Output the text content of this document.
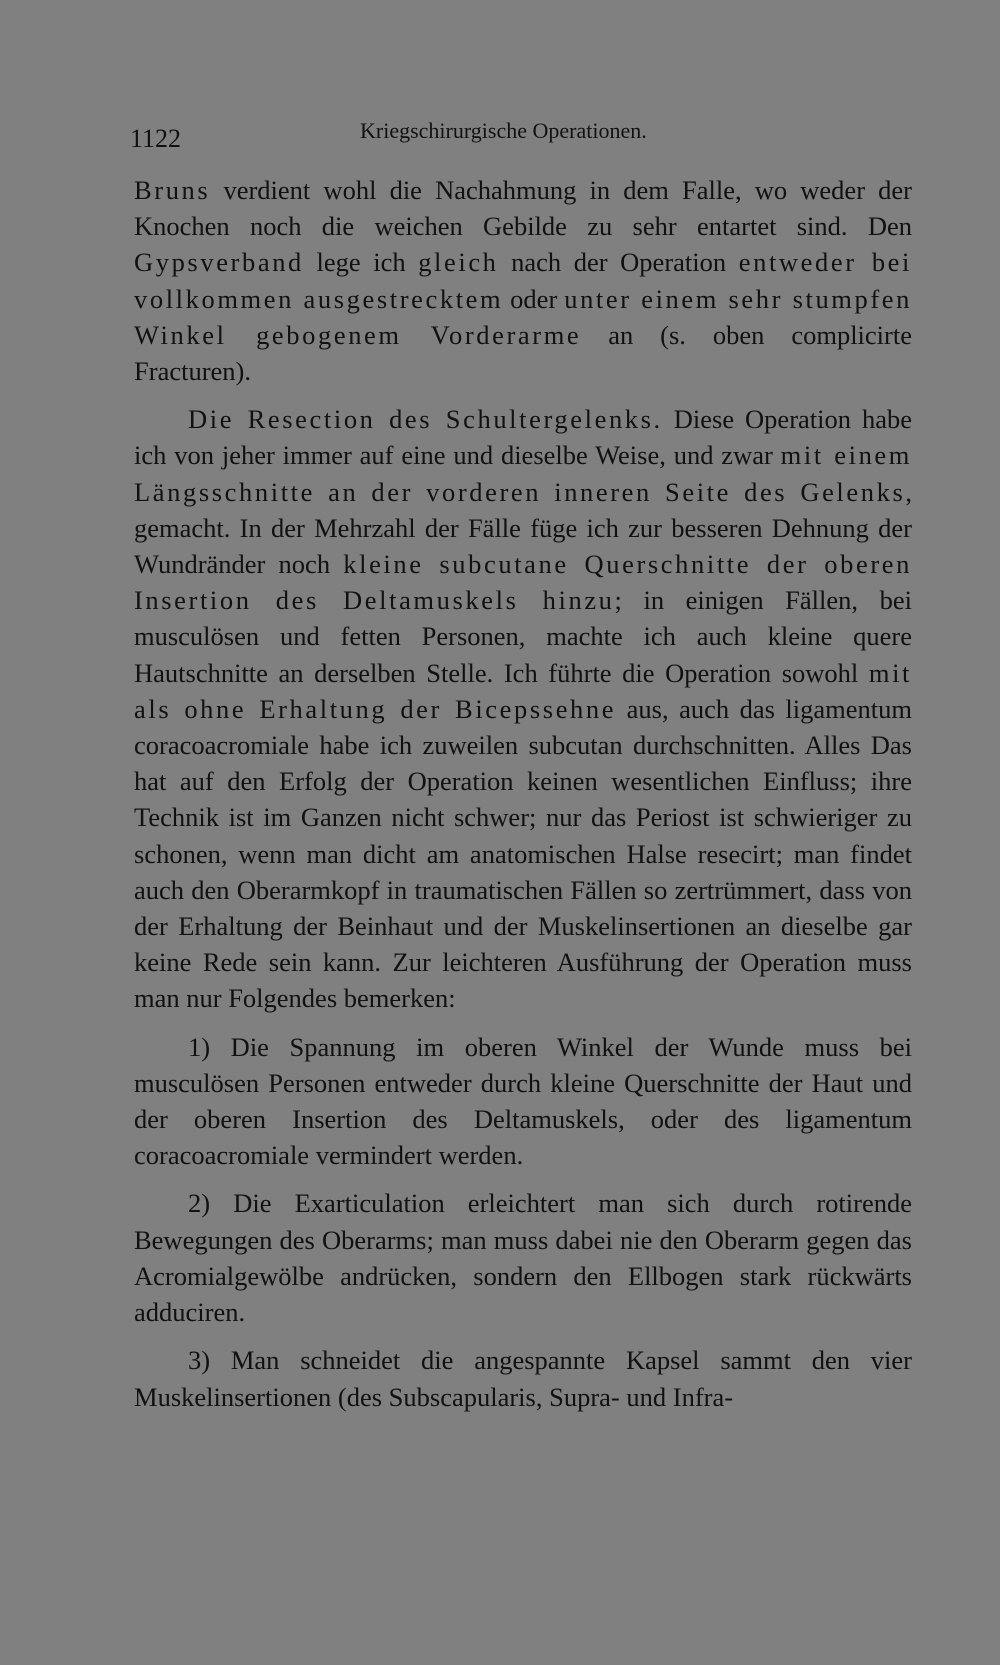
1122	Kriegschirurgische Operationen.

Bruns verdient wohl die Nachahmung in dem Falle, wo weder der Knochen noch die weichen Gebilde zu sehr entartet sind. Den Gypsverband lege ich gleich nach der Operation entweder bei vollkommen ausgestrecktem oder unter einem sehr stumpfen Winkel gebogenem Vorderarme an (s. oben complicirte Fracturen).

Die Resection des Schultergelenks. Diese Operation habe ich von jeher immer auf eine und dieselbe Weise, und zwar mit einem Längsschnitte an der vorderen inneren Seite des Gelenks, gemacht. In der Mehrzahl der Fälle füge ich zur besseren Dehnung der Wundränder noch kleine subcutane Querschnitte der oberen Insertion des Deltamuskels hinzu; in einigen Fällen, bei musculösen und fetten Personen, machte ich auch kleine quere Hautschnitte an derselben Stelle. Ich führte die Operation sowohl mit als ohne Erhaltung der Bicepssehne aus, auch das ligamentum coracoacromiale habe ich zuweilen subcutan durchschnitten. Alles Das hat auf den Erfolg der Operation keinen wesentlichen Einfluss; ihre Technik ist im Ganzen nicht schwer; nur das Periost ist schwieriger zu schonen, wenn man dicht am anatomischen Halse resecirt; man findet auch den Oberarmkopf in traumatischen Fällen so zertrümmert, dass von der Erhaltung der Beinhaut und der Muskelinsertionen an dieselbe gar keine Rede sein kann. Zur leichteren Ausführung der Operation muss man nur Folgendes bemerken:

1) Die Spannung im oberen Winkel der Wunde muss bei musculösen Personen entweder durch kleine Querschnitte der Haut und der oberen Insertion des Deltamuskels, oder des ligamentum coracoacromiale vermindert werden.

2) Die Exarticulation erleichtert man sich durch rotirende Bewegungen des Oberarms; man muss dabei nie den Oberarm gegen das Acromialgewölbe andrücken, sondern den Ellbogen stark rückwärts adduciren.

3) Man schneidet die angespannte Kapsel sammt den vier Muskelinsertionen (des Subscapularis, Supra- und Infra-
